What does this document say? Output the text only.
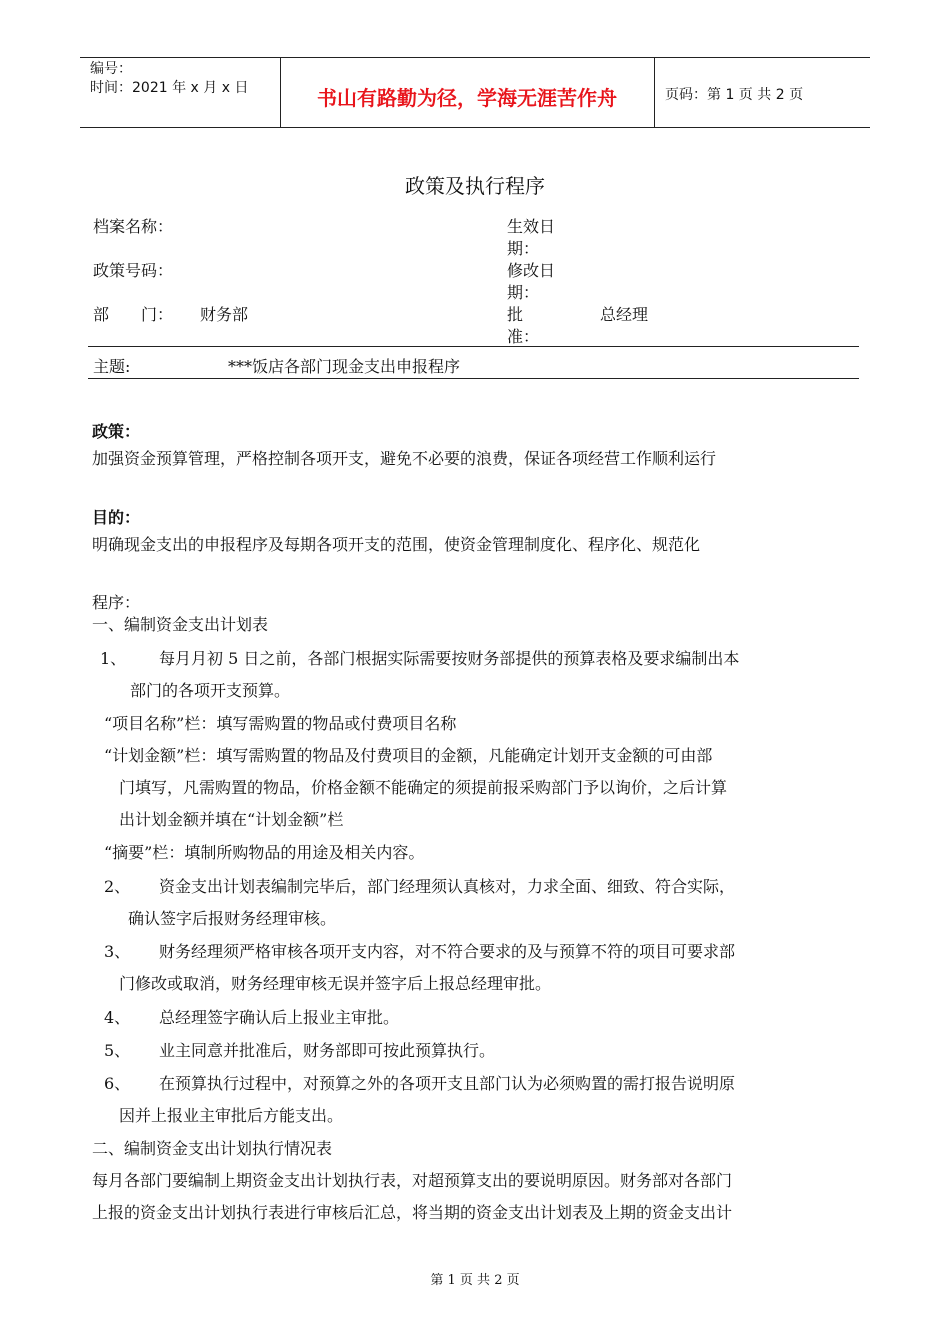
编号：
时间：2021 年 x 月 x 日	书山有路勤为径，学海无涯苦作舟	页码：第 1 页 共 2 页
政策及执行程序
档案名称：
政策号码：
部　　门： 财务部
生效日
期：
修改日
期：
批
准：
总经理
主题:	***饭店各部门现金支出申报程序
政策：
加强资金预算管理，严格控制各项开支，避免不必要的浪费，保证各项经营工作顺利运行
目的：
明确现金支出的申报程序及每期各项开支的范围，使资金管理制度化、程序化、规范化
程序：
一、编制资金支出计划表
1、 每月月初 5 日之前，各部门根据实际需要按财务部提供的预算表格及要求编制出本
部门的各项开支预算。
“项目名称”栏：填写需购置的物品或付费项目名称
“计划金额”栏：填写需购置的物品及付费项目的金额，凡能确定计划开支金额的可由部
门填写，凡需购置的物品，价格金额不能确定的须提前报采购部门予以询价，之后计算
出计划金额并填在“计划金额”栏
“摘要”栏：填制所购物品的用途及相关内容。
2、 资金支出计划表编制完毕后，部门经理须认真核对，力求全面、细致、符合实际，
确认签字后报财务经理审核。
3、 财务经理须严格审核各项开支内容，对不符合要求的及与预算不符的项目可要求部
门修改或取消，财务经理审核无误并签字后上报总经理审批。
4、 总经理签字确认后上报业主审批。
5、 业主同意并批准后，财务部即可按此预算执行。
6、 在预算执行过程中，对预算之外的各项开支且部门认为必须购置的需打报告说明原
因并上报业主审批后方能支出。
二、编制资金支出计划执行情况表
每月各部门要编制上期资金支出计划执行表，对超预算支出的要说明原因。财务部对各部门
上报的资金支出计划执行表进行审核后汇总，将当期的资金支出计划表及上期的资金支出计
第 1 页 共 2 页
